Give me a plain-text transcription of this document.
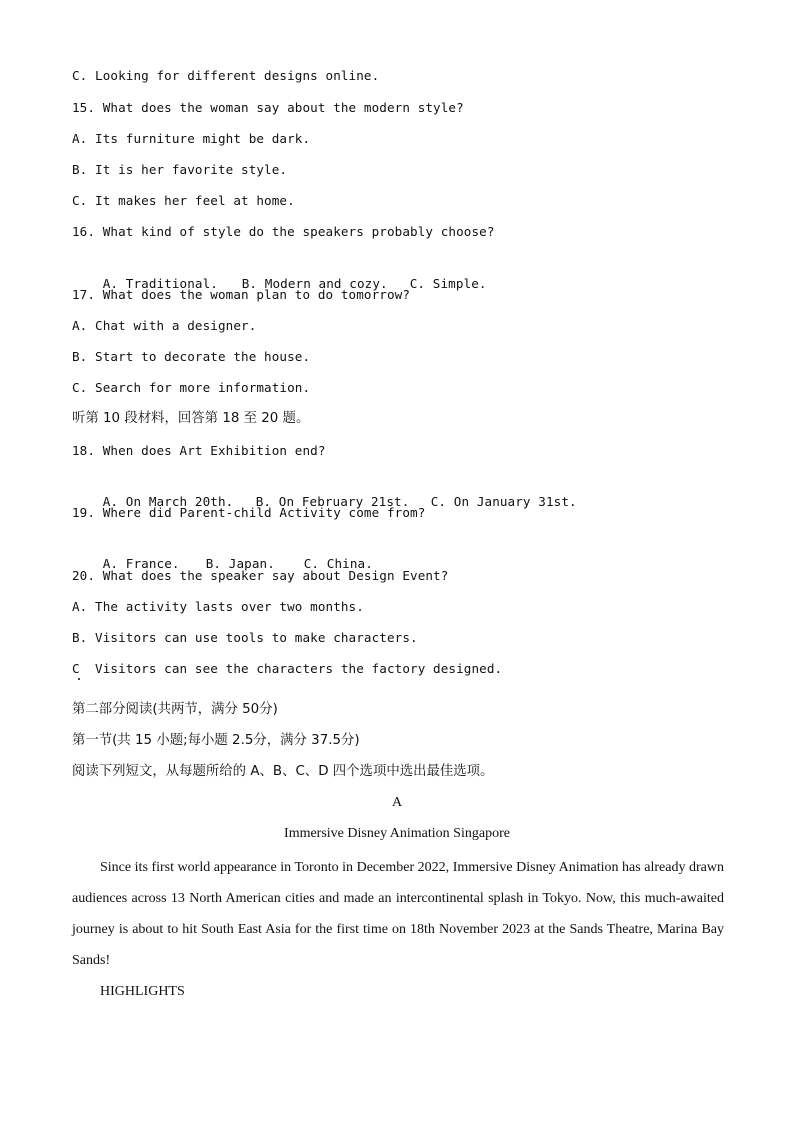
C. Looking for different designs online.
15. What does the woman say about the modern style?
A. Its furniture might be dark.
B. It is her favorite style.
C. It makes her feel at home.
16. What kind of style do the speakers probably choose?

A. Traditional. B. Modern and cozy. C. Simple.

17. What does the woman plan to do tomorrow?
A. Chat with a designer.
B. Start to decorate the house.
C. Search for more information.
听第 10 段材料，回答第 18 至 20 题。
18. When does Art Exhibition end?

A. On March 20th. B. On February 21st. C. On January 31st.

19. Where did Parent-child Activity come from?

A. France. B. Japan. C. China.

20. What does the speaker say about Design Event?
A. The activity lasts over two months.
B. Visitors can use tools to make characters.
C  Visitors can see the characters the factory designed.
第二部分阅读(共两节，满分 50分)
第一节(共 15 小题;每小题 2.5分，满分 37.5分)
阅读下列短文，从每题所给的 A、B、C、D 四个选项中选出最佳选项。
A
Immersive Disney Animation Singapore

Since its first world appearance in Toronto in December 2022, Immersive Disney Animation has already drawn audiences across 13 North American cities and made an intercontinental splash in Tokyo. Now, this much-awaited journey is about to hit South East Asia for the first time on 18th November 2023 at the Sands Theatre, Marina Bay Sands!

HIGHLIGHTS
